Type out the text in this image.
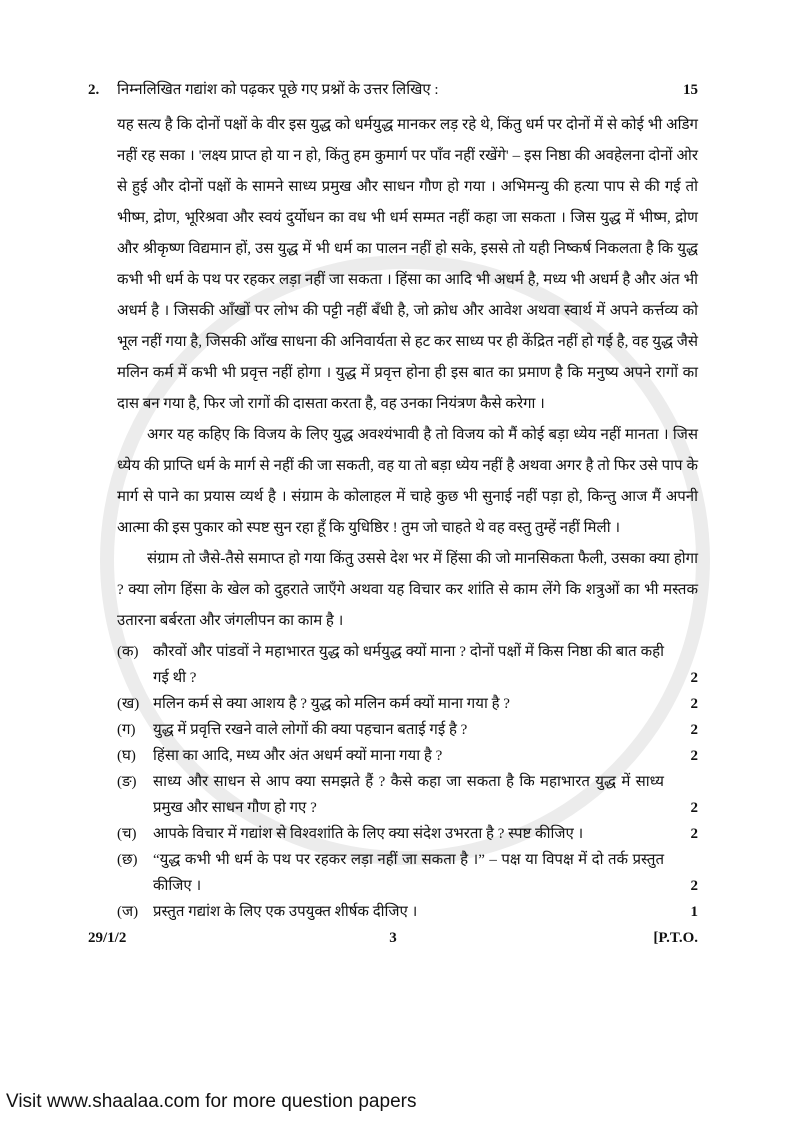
2.	निम्नलिखित गद्यांश को पढ़कर पूछे गए प्रश्नों के उत्तर लिखिए :	15

यह सत्य है कि दोनों पक्षों के वीर इस युद्ध को धर्मयुद्ध मानकर लड़ रहे थे, किंतु धर्म पर दोनों में से कोई भी अडिग नहीं रह सका । 'लक्ष्य प्राप्त हो या न हो, किंतु हम कुमार्ग पर पाँव नहीं रखेंगे' – इस निष्ठा की अवहेलना दोनों ओर से हुई और दोनों पक्षों के सामने साध्य प्रमुख और साधन गौण हो गया । अभिमन्यु की हत्या पाप से की गई तो भीष्म, द्रोण, भूरिश्रवा और स्वयं दुर्योधन का वध भी धर्म सम्मत नहीं कहा जा सकता । जिस युद्ध में भीष्म, द्रोण और श्रीकृष्ण विद्यमान हों, उस युद्ध में भी धर्म का पालन नहीं हो सके, इससे तो यही निष्कर्ष निकलता है कि युद्ध कभी भी धर्म के पथ पर रहकर लड़ा नहीं जा सकता । हिंसा का आदि भी अधर्म है, मध्य भी अधर्म है और अंत भी अधर्म है । जिसकी आँखों पर लोभ की पट्टी नहीं बँधी है, जो क्रोध और आवेश अथवा स्वार्थ में अपने कर्त्तव्य को भूल नहीं गया है, जिसकी आँख साधना की अनिवार्यता से हट कर साध्य पर ही केंद्रित नहीं हो गई है, वह युद्ध जैसे मलिन कर्म में कभी भी प्रवृत्त नहीं होगा । युद्ध में प्रवृत्त होना ही इस बात का प्रमाण है कि मनुष्य अपने रागों का दास बन गया है, फिर जो रागों की दासता करता है, वह उनका नियंत्रण कैसे करेगा ।

अगर यह कहिए कि विजय के लिए युद्ध अवश्यंभावी है तो विजय को मैं कोई बड़ा ध्येय नहीं मानता । जिस ध्येय की प्राप्ति धर्म के मार्ग से नहीं की जा सकती, वह या तो बड़ा ध्येय नहीं है अथवा अगर है तो फिर उसे पाप के मार्ग से पाने का प्रयास व्यर्थ है । संग्राम के कोलाहल में चाहे कुछ भी सुनाई नहीं पड़ा हो, किन्तु आज मैं अपनी आत्मा की इस पुकार को स्पष्ट सुन रहा हूँ कि युधिष्ठिर ! तुम जो चाहते थे वह वस्तु तुम्हें नहीं मिली ।

संग्राम तो जैसे-तैसे समाप्त हो गया किंतु उससे देश भर में हिंसा की जो मानसिकता फैली, उसका क्या होगा ? क्या लोग हिंसा के खेल को दुहराते जाएँगे अथवा यह विचार कर शांति से काम लेंगे कि शत्रुओं का भी मस्तक उतारना बर्बरता और जंगलीपन का काम है ।

(क) कौरवों और पांडवों ने महाभारत युद्ध को धर्मयुद्ध क्यों माना ? दोनों पक्षों में किस निष्ठा की बात कही गई थी ?	2
(ख) मलिन कर्म से क्या आशय है ? युद्ध को मलिन कर्म क्यों माना गया है ?	2
(ग)	युद्ध में प्रवृत्ति रखने वाले लोगों की क्या पहचान बताई गई है ?	2
(घ)	हिंसा का आदि, मध्य और अंत अधर्म क्यों माना गया है ?	2
(ङ)	साध्य और साधन से आप क्या समझते हैं ? कैसे कहा जा सकता है कि महाभारत युद्ध में साध्य प्रमुख और साधन गौण हो गए ?	2
(च)	आपके विचार में गद्यांश से विश्वशांति के लिए क्या संदेश उभरता है ? स्पष्ट कीजिए ।	2
(छ)	“युद्ध कभी भी धर्म के पथ पर रहकर लड़ा नहीं जा सकता है ।” – पक्ष या विपक्ष में दो तर्क प्रस्तुत कीजिए ।	2
(ज) प्रस्तुत गद्यांश के लिए एक उपयुक्त शीर्षक दीजिए ।	1
29/1/2	3	[P.T.O.
Visit www.shaalaa.com for more question papers
